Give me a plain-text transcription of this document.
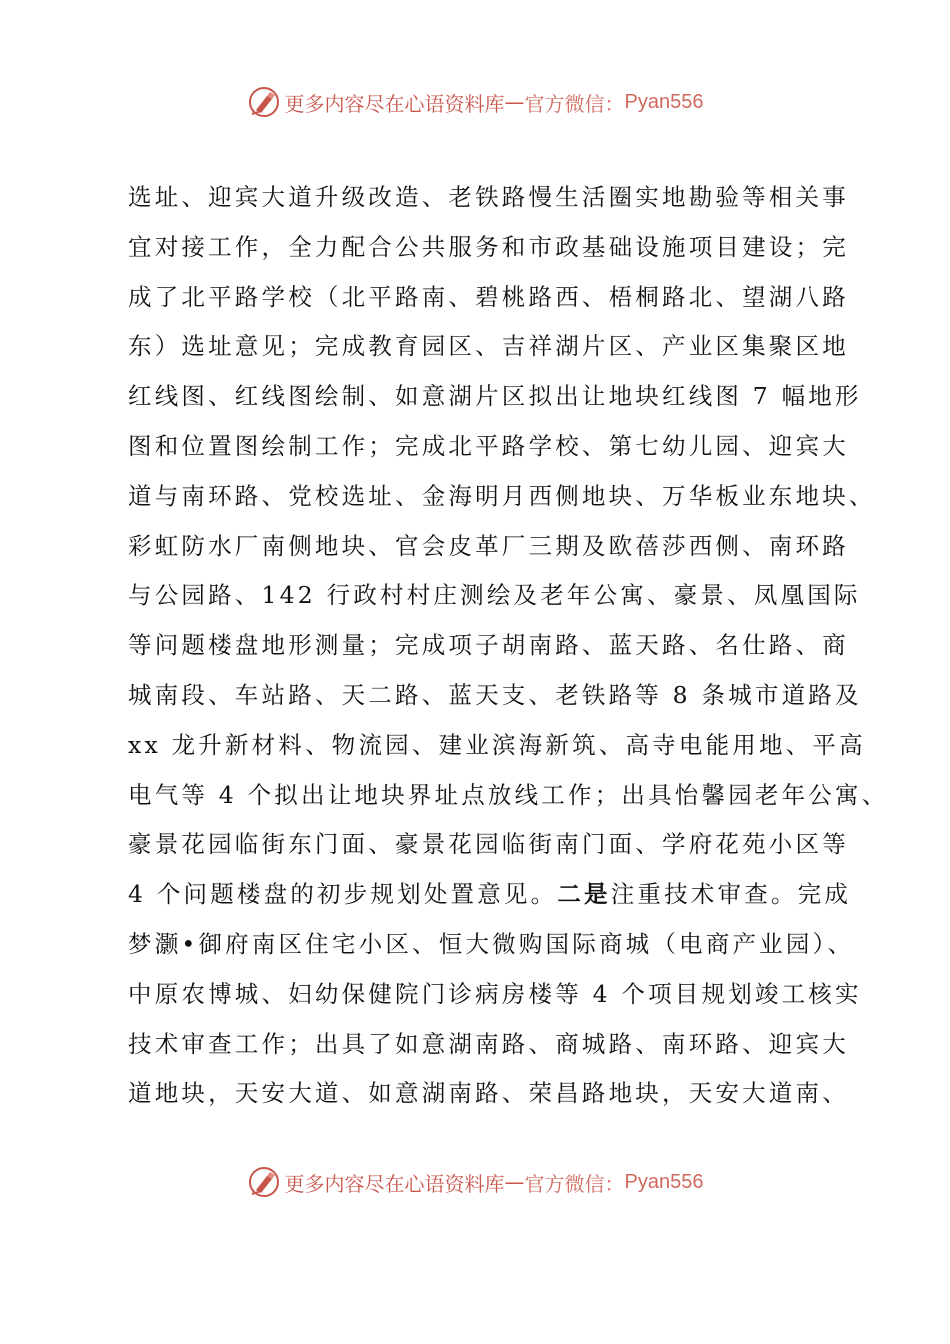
更多内容尽在心语资料库 — 官方微信： Pyan556
选址、迎宾大道升级改造、老铁路慢生活圈实地勘验等相关事
宜对接工作，全力配合公共服务和市政基础设施项目建设；完
成了北平路学校（北平路南、碧桃路西、梧桐路北、望湖八路
东）选址意见；完成教育园区、吉祥湖片区、产业区集聚区地
红线图、红线图绘制、如意湖片区拟出让地块红线图 7 幅地形
图和位置图绘制工作；完成北平路学校、第七幼儿园、迎宾大
道与南环路、党校选址、金海明月西侧地块、万华板业东地块、
彩虹防水厂南侧地块、官会皮革厂三期及欧蓓莎西侧、南环路
与公园路、142 行政村村庄测绘及老年公寓、豪景、凤凰国际
等问题楼盘地形测量；完成项子胡南路、蓝天路、名仕路、商
城南段、车站路、天二路、蓝天支、老铁路等 8 条城市道路及
xx 龙升新材料、物流园、建业滨海新筑、高寺电能用地、平高
电气等 4 个拟出让地块界址点放线工作；出具怡馨园老年公寓、
豪景花园临街东门面、豪景花园临街南门面、学府花苑小区等
4 个问题楼盘的初步规划处置意见。二是注重技术审查。完成
梦灏•御府南区住宅小区、恒大微购国际商城（电商产业园）、
中原农博城、妇幼保健院门诊病房楼等 4 个项目规划竣工核实
技术审查工作；出具了如意湖南路、商城路、南环路、迎宾大
道地块，天安大道、如意湖南路、荣昌路地块，天安大道南、
更多内容尽在心语资料库 — 官方微信： Pyan556
